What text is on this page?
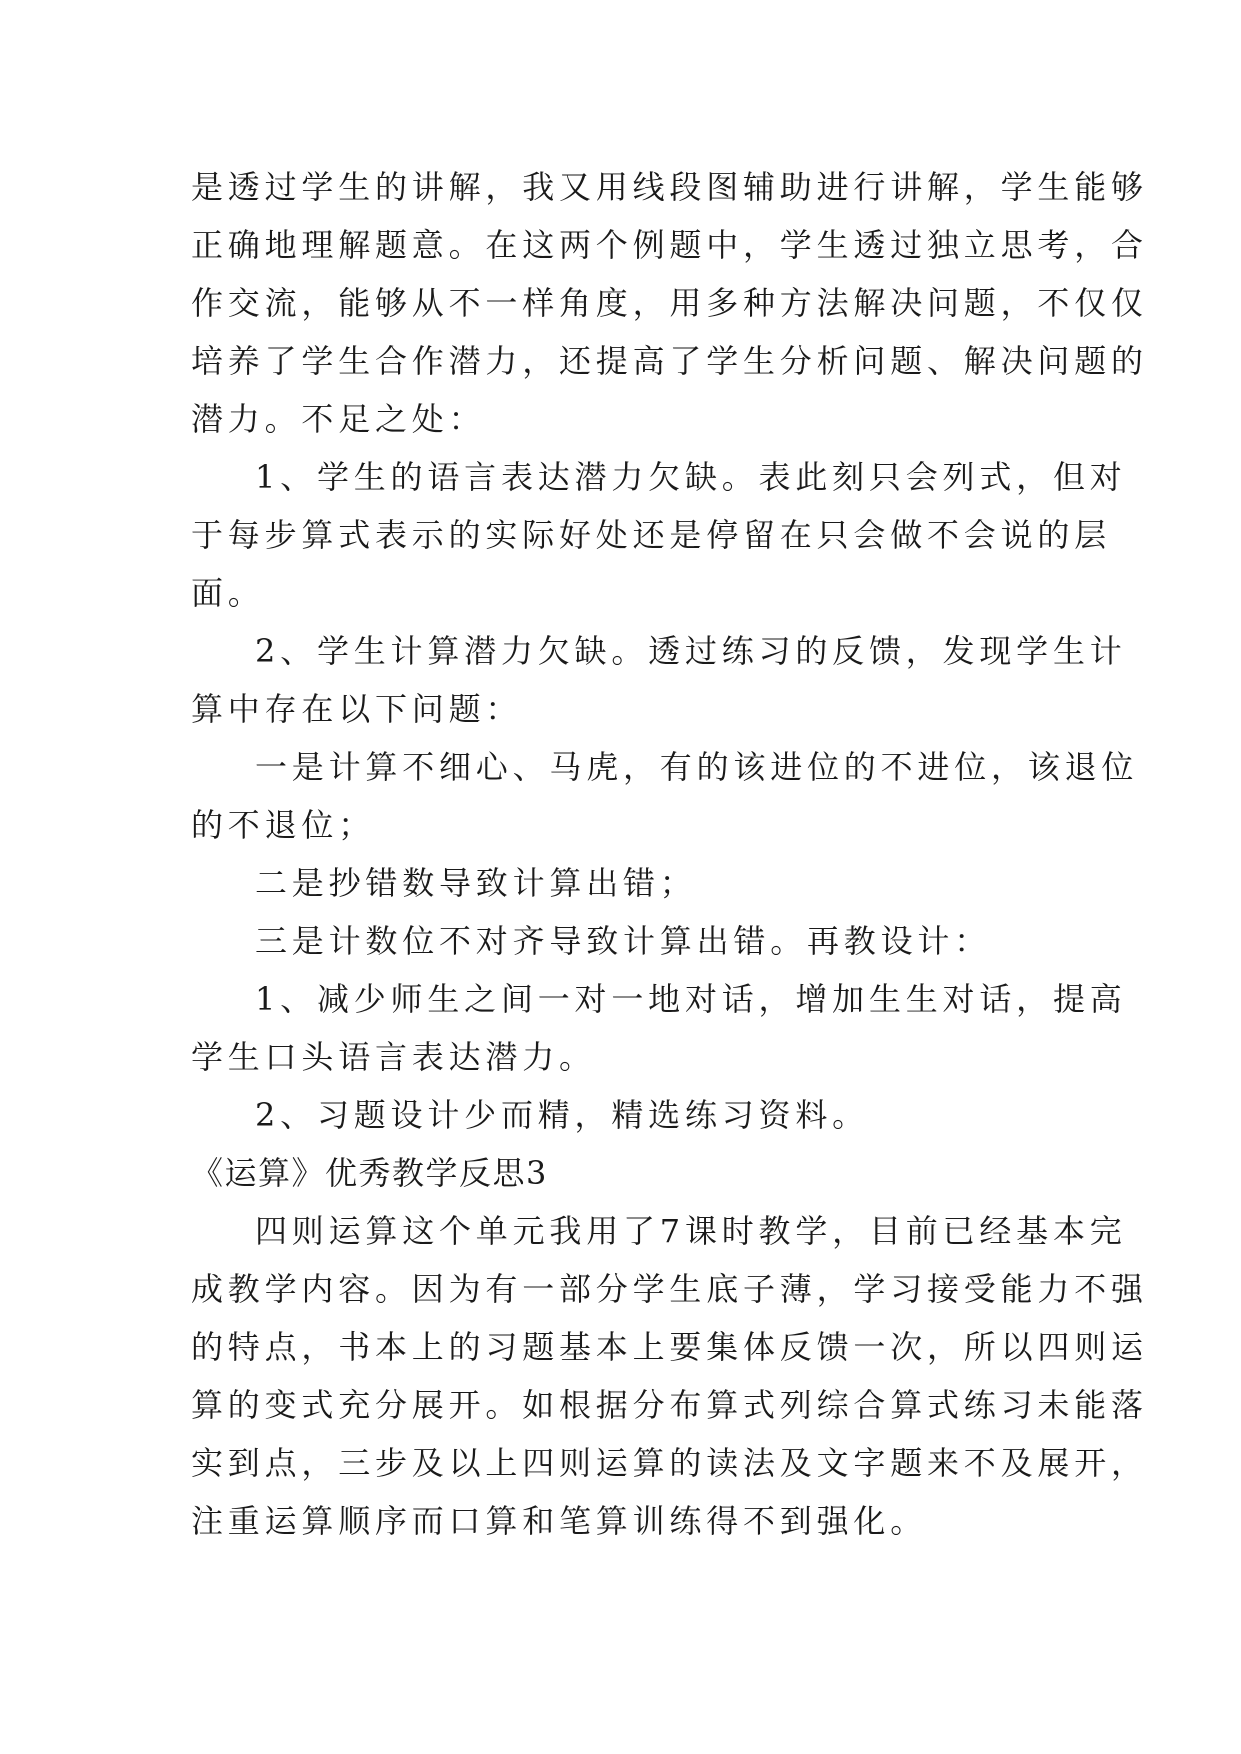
是透过学生的讲解，我又用线段图辅助进行讲解，学生能够

正确地理解题意。在这两个例题中，学生透过独立思考，合

作交流，能够从不一样角度，用多种方法解决问题，不仅仅

培养了学生合作潜力，还提高了学生分析问题、解决问题的

潜力。不足之处：

1、学生的语言表达潜力欠缺。表此刻只会列式，但对

于每步算式表示的实际好处还是停留在只会做不会说的层

面。

2、学生计算潜力欠缺。透过练习的反馈，发现学生计

算中存在以下问题：

一是计算不细心、马虎，有的该进位的不进位，该退位

的不退位；

二是抄错数导致计算出错；

三是计数位不对齐导致计算出错。再教设计：

1、减少师生之间一对一地对话，增加生生对话，提高

学生口头语言表达潜力。

2、习题设计少而精，精选练习资料。

《运算》优秀教学反思3

四则运算这个单元我用了7课时教学，目前已经基本完

成教学内容。因为有一部分学生底子薄，学习接受能力不强

的特点，书本上的习题基本上要集体反馈一次，所以四则运

算的变式充分展开。如根据分布算式列综合算式练习未能落

实到点，三步及以上四则运算的读法及文字题来不及展开，

注重运算顺序而口算和笔算训练得不到强化。
